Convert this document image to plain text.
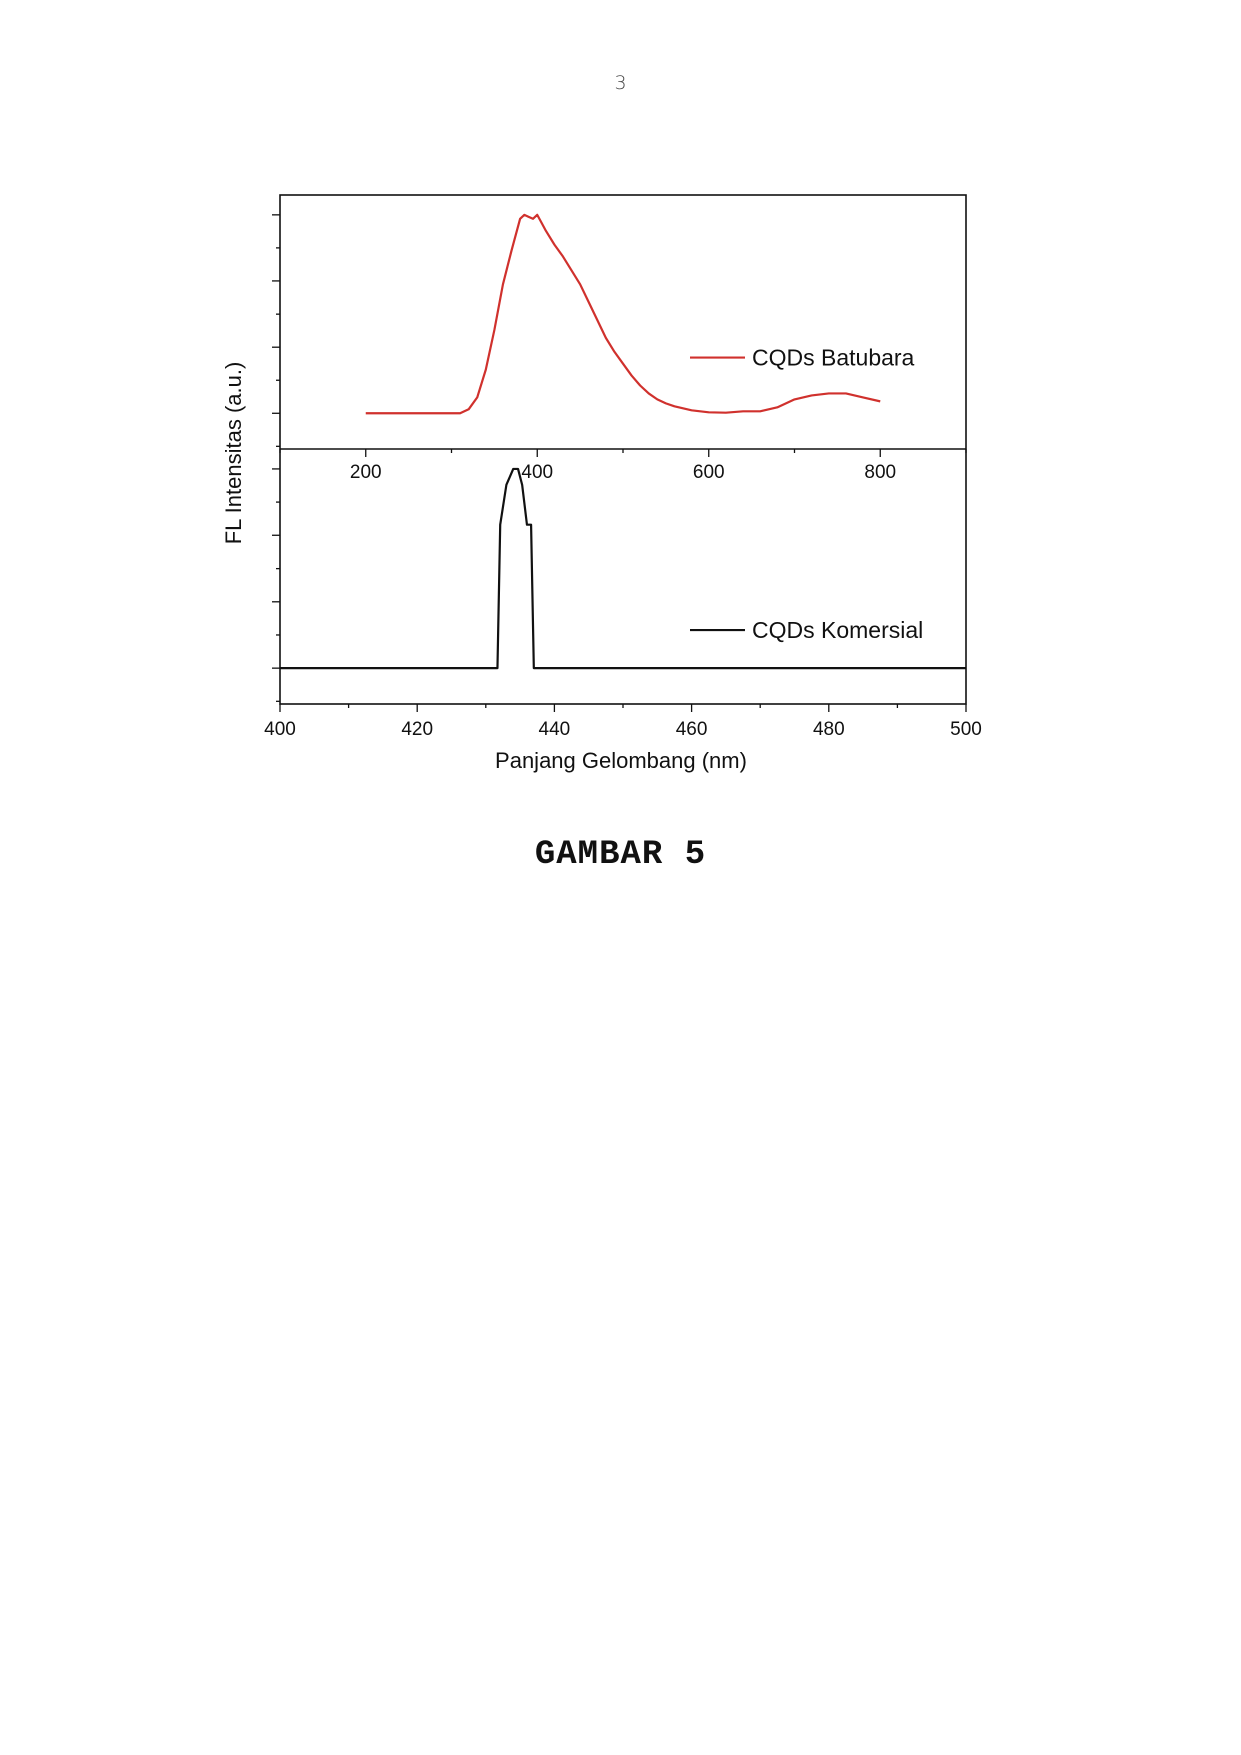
3
200	400	600	800
CQDs Batubara
400	420	440	460	480	500
CQDs Komersial
FL Intensitas (a.u.)
Panjang Gelombang (nm)
GAMBAR 5
